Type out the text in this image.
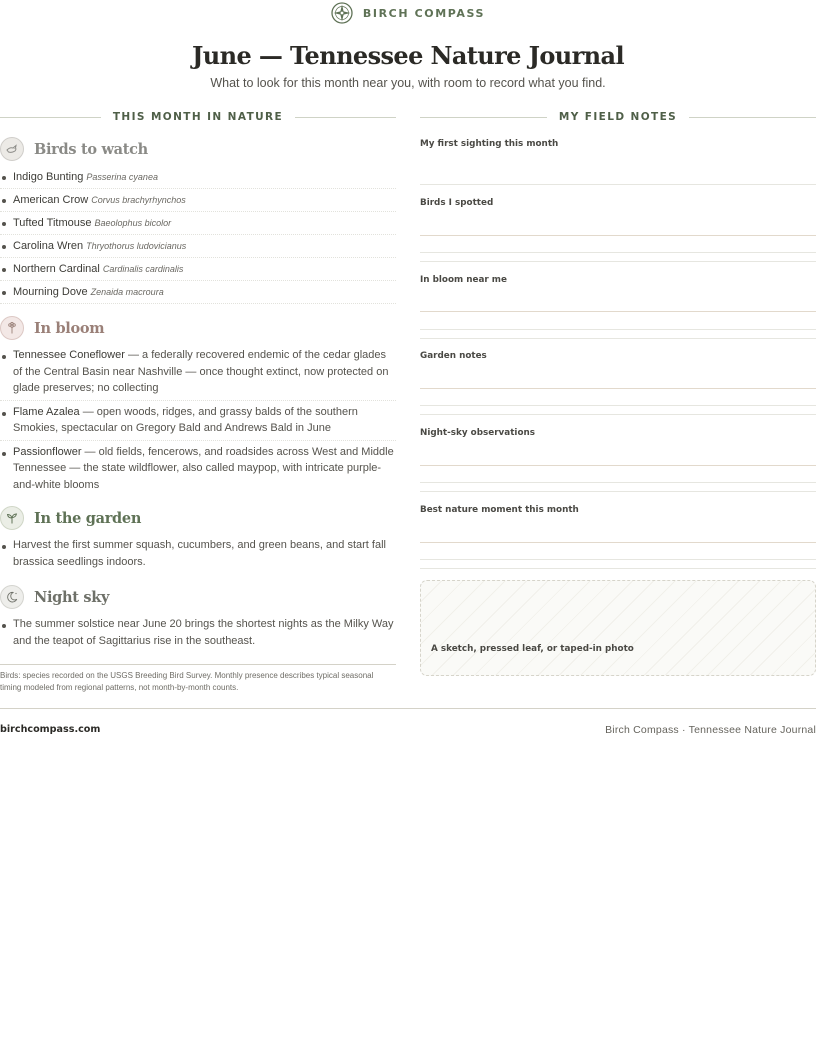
BIRCH COMPASS
June — Tennessee Nature Journal

What to look for this month near you, with room to record what you find.

THIS MONTH IN NATURE	MY FIELD NOTES
Birds to watch
Indigo Bunting Passerina cyanea
American Crow Corvus brachyrhynchos
Tufted Titmouse Baeolophus bicolor
Carolina Wren Thryothorus ludovicianus
Northern Cardinal Cardinalis cardinalis
Mourning Dove Zenaida macroura
In bloom
Tennessee Coneflower — a federally recovered endemic of the cedar glades of the Central Basin near Nashville — once thought extinct, now protected on glade preserves; no collecting
Flame Azalea — open woods, ridges, and grassy balds of the southern Smokies, spectacular on Gregory Bald and Andrews Bald in June
Passionflower — old fields, fencerows, and roadsides across West and Middle Tennessee — the state wildflower, also called maypop, with intricate purple-and-white blooms
In the garden
Harvest the first summer squash, cucumbers, and green beans, and start fall brassica seedlings indoors.
Night sky
The summer solstice near June 20 brings the shortest nights as the Milky Way and the teapot of Sagittarius rise in the southeast.

Birds: species recorded on the USGS Breeding Bird Survey. Monthly presence describes typical seasonal timing modeled from regional patterns, not month-by-month counts.

My first sighting this month

Birds I spotted

In bloom near me

Garden notes

Night-sky observations

Best nature moment this month

A sketch, pressed leaf, or taped-in photo
birchcompass.com	Birch Compass · Tennessee Nature Journal
